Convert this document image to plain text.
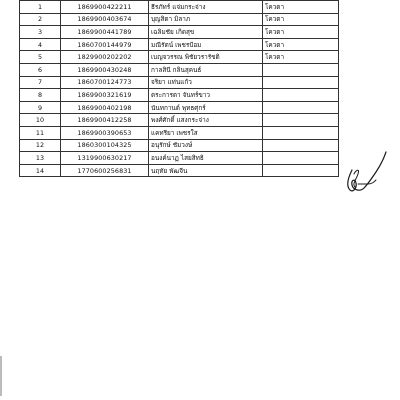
1	1869900422211	ธีรภัทร์ แจ่มกระจ่าง	โควตา
2	1869900403674	บุญสิตา มิลาภ	โควตา
3	1869900441789	เฉลิมชัย เกิดสุข	โควตา
4	1860700144979	มณีรัตน์ เพชรป้อม	โควตา
5	1829900202202	เบญจวรรณ พิชัยวรารัชติ	โควตา
6	1869900430248	กาลสินี กลินสุคนธ์	
7	1860700124773	จริยา แท่นแก้ว	
8	1869900321619	ตระการตา จันทร์ขาว	
9	1869900402198	นันทกานต์ พุทธศุกร์	
10	1869900412258	พงศ์ศักดิ์ แสงกระจ่าง	
11	1869900390653	แคทรียา เพชรใส	
12	1860300104325	อนุรักษ์ ชัมวงษ์	
13	1319900630217	อนงค์นาฏ ไสยสิทธิ	
14	1770600256831	นฤทัย พัฒจีน	
